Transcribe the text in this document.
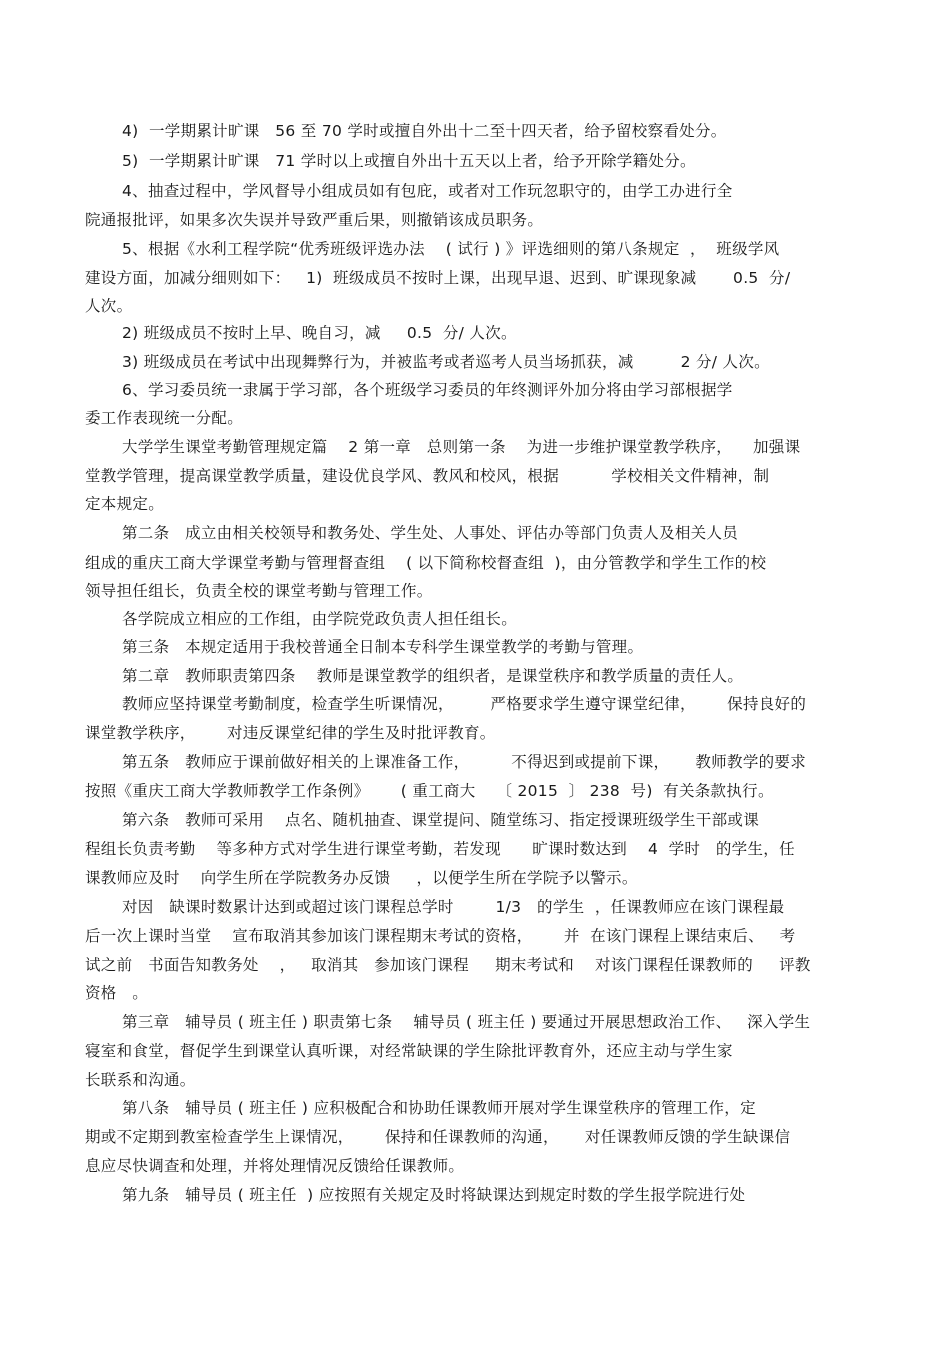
4)  一学期累计旷课   56 至 70 学时或擅自外出十二至十四天者，给予留校察看处分。
5)  一学期累计旷课   71 学时以上或擅自外出十五天以上者，给予开除学籍处分。
4、抽查过程中，学风督导小组成员如有包庇，或者对工作玩忽职守的，由学工办进行全
院通报批评，如果多次失误并导致严重后果，则撤销该成员职务。
5、根据《水利工程学院“优秀班级评选办法    ( 试行 ) 》评选细则的第八条规定  ，  班级学风
建设方面，加减分细则如下：   1)  班级成员不按时上课，出现早退、迟到、旷课现象减       0.5  分/
人次。
2) 班级成员不按时上早、晚自习，减     0.5  分/ 人次。
3) 班级成员在考试中出现舞弊行为，并被监考或者巡考人员当场抓获，减         2 分/ 人次。
6、学习委员统一隶属于学习部，各个班级学习委员的年终测评外加分将由学习部根据学
委工作表现统一分配。
大学学生课堂考勤管理规定篇    2 第一章   总则第一条    为进一步维护课堂教学秩序，    加强课
堂教学管理，提高课堂教学质量，建设优良学风、教风和校风，根据          学校相关文件精神，制
定本规定。
第二条   成立由相关校领导和教务处、学生处、人事处、评估办等部门负责人及相关人员
组成的重庆工商大学课堂考勤与管理督查组    ( 以下简称校督查组  )，由分管教学和学生工作的校
领导担任组长，负责全校的课堂考勤与管理工作。
各学院成立相应的工作组，由学院党政负责人担任组长。
第三条   本规定适用于我校普通全日制本专科学生课堂教学的考勤与管理。
第二章   教师职责第四条    教师是课堂教学的组织者，是课堂秩序和教学质量的责任人。
教师应坚持课堂考勤制度，检查学生听课情况，       严格要求学生遵守课堂纪律，      保持良好的
课堂教学秩序，      对违反课堂纪律的学生及时批评教育。
第五条   教师应于课前做好相关的上课准备工作，        不得迟到或提前下课，     教师教学的要求
按照《重庆工商大学教师教学工作条例》      ( 重工商大    〔 2015  〕 238  号)  有关条款执行。
第六条   教师可采用    点名、随机抽查、课堂提问、随堂练习、指定授课班级学生干部或课
程组长负责考勤    等多种方式对学生进行课堂考勤，若发现      旷课时数达到    4  学时   的学生，任
课教师应及时    向学生所在学院教务办反馈     ，以便学生所在学院予以警示。
对因   缺课时数累计达到或超过该门课程总学时        1/3   的学生  ，任课教师应在该门课程最
后一次上课时当堂    宣布取消其参加该门课程期末考试的资格，      并  在该门课程上课结束后、   考
试之前   书面告知教务处    ，   取消其   参加该门课程     期末考试和    对该门课程任课教师的     评教
资格   。
第三章   辅导员 ( 班主任 ) 职责第七条    辅导员 ( 班主任 ) 要通过开展思想政治工作、   深入学生
寝室和食堂，督促学生到课堂认真听课，对经常缺课的学生除批评教育外，还应主动与学生家
长联系和沟通。
第八条   辅导员 ( 班主任 ) 应积极配合和协助任课教师开展对学生课堂秩序的管理工作，定
期或不定期到教室检查学生上课情况，      保持和任课教师的沟通，     对任课教师反馈的学生缺课信
息应尽快调查和处理，并将处理情况反馈给任课教师。
第九条   辅导员 ( 班主任  ) 应按照有关规定及时将缺课达到规定时数的学生报学院进行处
